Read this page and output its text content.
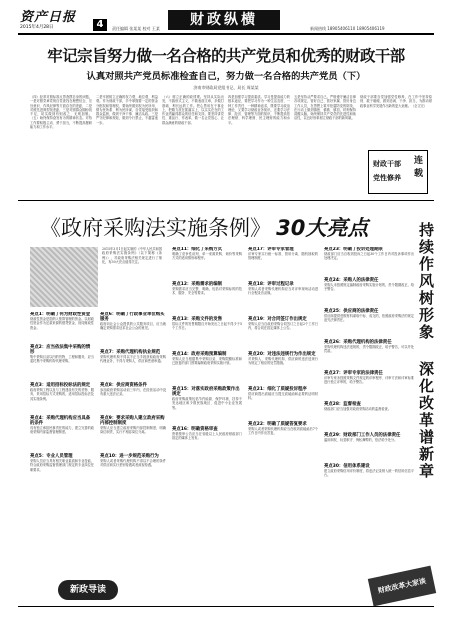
资产日报
2015年4月28日	4	责任编辑 张某某 校对 王某
财政纵横
新闻热线 18905406110 18905406119
牢记宗旨努力做一名合格的共产党员和优秀的财政干部
认真对照共产党员标准检查自己，努力做一名合格的共产党员（下）
济南市财政局党组书记、局长 周某某
（四）经常对照标准反思查摆自身的问题。一是对照党章党规自觉查找在理想信念、宗旨意识、作风纪律等方面存在的差距，二是对照先进典型找差距，三是对照群众期盼找不足，切实做到有则改之、无则加勉。（五）始终保持奋发有为的精神状态。对待工作要积极主动、勇于担当，不断提高履职能力和工作水平。
二是牢固树立正确的权力观、地位观、利益观。作为财政干部，手中掌握着一定的资金分配权和管理权，要始终做到权为民所用、情为民所系、利为民所谋，自觉接受组织和群众监督，做到干净干事、廉洁从政。三是严守纪律和规矩，做到令行禁止，不越雷池一步。
（六）树立正确的政绩观。坚持从实际出发，不搞形式主义，不做表面文章，多做打基础、利长远的工作。把心思用在干事业上，把精力放在抓落实上，以实实在在的工作业绩赢得群众的信任和支持。要坚持讲党性、重品行、作表率，做一名让党放心、让群众满意的财政干部。
四是加强学习提高素质。学习是提高能力的根本途径，要把学习作为一种生活态度、一种工作责任、一种精神追求，既要学习政治理论，又要学习财政业务知识，还要学习法律、经济、管理等方面的知识，不断提高依法理财、科学理财、民主理财的能力和水平。
五是坚持从严要求自己。严格遵守廉洁自律各项规定，管好自己、管好家属、管好身边工作人员，在思想上筑牢拒腐防变的防线，在行动上做到慎独、慎微、慎初，时刻保持清醒头脑，始终保持共产党员的先进性和纯洁性，以良好形象树立财政干部的新风貌。
财政干部要自觉加强党性修养，在工作中坚持原则、敢于碰硬，做到忠诚、干净、担当，为推动财政事业科学发展作出新的更大贡献。（全文完）
财政干部
党性修养 连载
《政府采购法实施条例》 30大亮点	持续作风树形象 深化改革谱新章
2015年3月1日起实施的《中华人民共和国政府采购法实施条例》（以下简称《条例》），对政府采购法相关规定进行了细化，有30大亮点值得关注。
亮点1：明确了何为财政性资金
财政性资金是指纳入预算管理的资金。以财政性资金作为还款来源的借贷资金，视同财政性资金。
亮点2：应当依法集中采购的情形
集中采购目录以内的货物、工程和服务，应当委托集中采购机构代理采购。
亮点3：适用招标投标法的规定
政府采购工程以及与工程建设有关的货物、服务，采用招标方式采购的，适用招标投标法及其实施条例。
亮点4：采购代理机构应当具备的条件
具有独立承担民事责任的能力，建立完善的政府采购内部监督管理制度。
亮点5：专业人员管理
采购人员应当具有相关职业素质和专业技能，符合政府采购监督管理部门规定的专业岗位任职要求。
亮点6：明确了行政事业单位购买服务
政府向社会公众提供的公共服务项目，应当就确定采购需求征求社会公众的意见。
亮点7：采购代理机构执业规范
采购代理机构不得以不正当手段获取政府采购代理业务，不得与采购人、供应商恶意串通。
亮点8：供应商资格条件
参加政府采购活动前三年内，在经营活动中没有重大违法记录。
亮点9：要求采购人建立政府采购内部控制制度
采购人应当建立政府采购内部控制制度，明确岗位职责，实行不相容岗位分离。
亮点10：进一步规范采购行为
采购人或者采购代理机构不得以不合理的条件对供应商实行差别待遇或者歧视待遇。
亮点11：细化了采购方式
明确了竞争性谈判、单一来源采购、询价等采购方式的适用情形和程序。
亮点12：采购需求的编制
采购需求应当完整、明确，包括对采购标的的技术、服务、安全等要求。
亮点13：采购文件的发售
招标文件的发售期限自开始发出之日起不得少于5个工作日。
亮点14：政府采购预算编制
采购人应当根据集中采购目录、采购限额标准和已批复的部门预算编制政府采购实施计划。
亮点15：对落实政府采购政策作出规定
政府采购政策包括节约能源、保护环境、扶持不发达地区和少数民族地区、促进中小企业发展等。
亮点16：明确资格审查
资格预审公告应当在省级以上人民政府财政部门指定的媒体上发布。
亮点17：评审专家管理
评审专家实行统一标准、管用分离、随机抽取的管理制度。
亮点18：评审过程记录
采购人或者采购代理机构应当对评审现场活动进行全程录音录像。
亮点19：对合同签订作出规定
采购人应当自政府采购合同签订之日起2个工作日内，将合同在指定媒体上公告。
亮点20：对违法违规行为作出规定
对采购人、采购代理机构、供应商的违法违规行为规定了相应的处罚措施。
亮点21：细化了质疑投诉程序
供应商提出质疑应当提交质疑函和必要的证明材料。
亮点22：明确了质疑答复要求
采购人或者采购代理机构应当在收到质疑函后7个工作日内作出答复。
亮点23：明确了投诉处理期限
财政部门应当自收到投诉之日起30个工作日内对投诉事项作出处理决定。
亮点24：采购人的法律责任
采购人未按照规定编制政府采购实施计划的，责令限期改正，给予警告。
亮点25：供应商的法律责任
供应商提供虚假材料谋取中标、成交的，依照政府采购法的规定追究法律责任。
亮点26：采购代理机构的法律责任
采购代理机构违法违规的，责令限期改正，给予警告，可以并处罚款。
亮点27：评审专家的法律责任
评审专家未按照采购文件规定的评审程序、评审方法和评审标准进行独立评审的，给予警告。
亮点28：监督检查
财政部门应当加强对政府采购活动的监督检查。
亮点29：财政部门工作人员的法律责任
滥用职权、玩忽职守、徇私舞弊的，依法给予处分。
亮点30：信用体系建设
建立政府采购信用评价制度，将违法记录纳入统一的信用信息平台。
新政导读	财政改革大家谈
